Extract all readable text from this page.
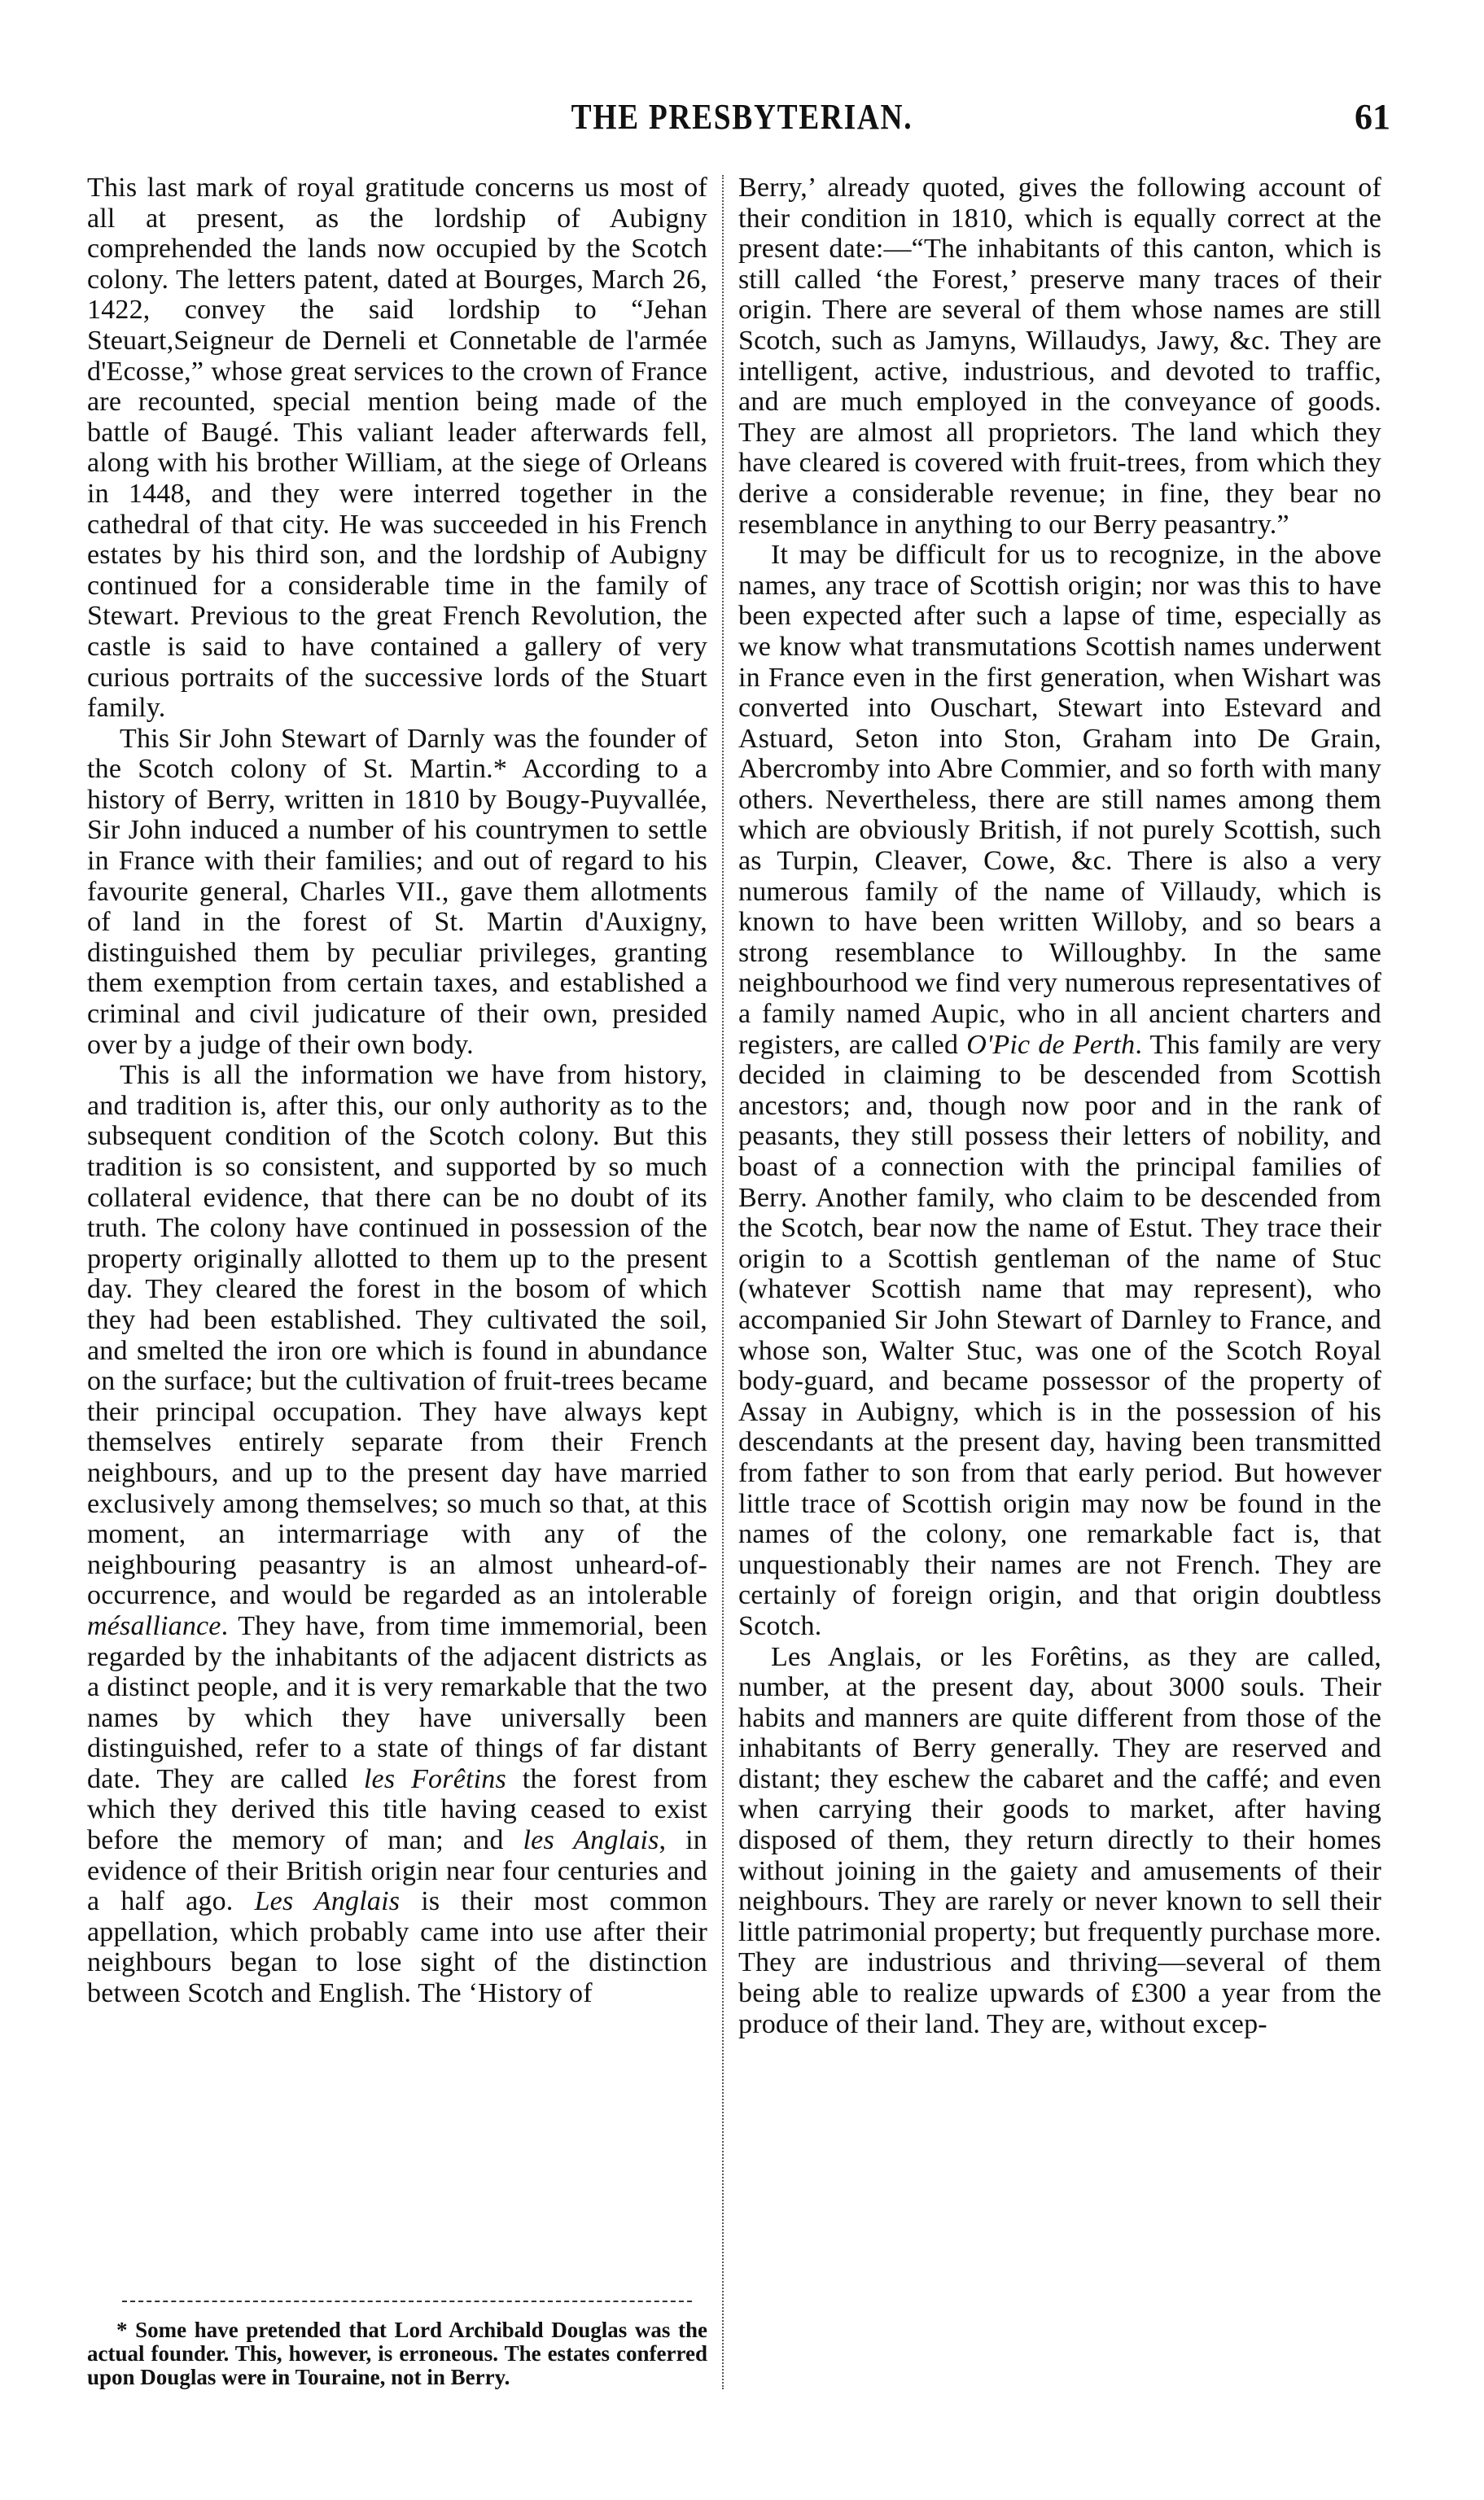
THE PRESBYTERIAN.	61

This last mark of royal gratitude concerns us most of all at present, as the lordship of Aubigny comprehended the lands now occupied by the Scotch colony. The letters patent, dated at Bourges, March 26, 1422, convey the said lordship to “Jehan Steuart,Seigneur de Derneli et Connetable de l'armée d'Ecosse,” whose great services to the crown of France are recounted, special mention being made of the battle of Baugé. This valiant leader afterwards fell, along with his brother William, at the siege of Orleans in 1448, and they were interred together in the cathedral of that city. He was succeeded in his French estates by his third son, and the lordship of Aubigny continued for a considerable time in the family of Stewart. Previous to the great French Revolution, the castle is said to have contained a gallery of very curious portraits of the successive lords of the Stuart family.

This Sir John Stewart of Darnly was the founder of the Scotch colony of St. Martin.* According to a history of Berry, written in 1810 by Bougy-Puyvallée, Sir John induced a number of his countrymen to settle in France with their families; and out of regard to his favourite general, Charles VII., gave them allotments of land in the forest of St. Martin d'Auxigny, distinguished them by peculiar privileges, granting them exemption from certain taxes, and established a criminal and civil judicature of their own, presided over by a judge of their own body.

This is all the information we have from history, and tradition is, after this, our only authority as to the subsequent condition of the Scotch colony. But this tradition is so consistent, and supported by so much collateral evidence, that there can be no doubt of its truth. The colony have continued in possession of the property originally allotted to them up to the present day. They cleared the forest in the bosom of which they had been established. They cultivated the soil, and smelted the iron ore which is found in abundance on the surface; but the cultivation of fruit-trees became their principal occupation. They have always kept themselves entirely separate from their French neighbours, and up to the present day have married exclusively among themselves; so much so that, at this moment, an intermarriage with any of the neighbouring peasantry is an almost unheard-of-occurrence, and would be regarded as an intolerable mésalliance. They have, from time immemorial, been regarded by the inhabitants of the adjacent districts as a distinct people, and it is very remarkable that the two names by which they have universally been distinguished, refer to a state of things of far distant date. They are called les Forêtins the forest from which they derived this title having ceased to exist before the memory of man; and les Anglais, in evidence of their British origin near four centuries and a half ago. Les Anglais is their most common appellation, which probably came into use after their neighbours began to lose sight of the distinction between Scotch and English. The ‘History of

Berry,’ already quoted, gives the following account of their condition in 1810, which is equally correct at the present date:—“The inhabitants of this canton, which is still called ‘the Forest,’ preserve many traces of their origin. There are several of them whose names are still Scotch, such as Jamyns, Willaudys, Jawy, &c. They are intelligent, active, industrious, and devoted to traffic, and are much employed in the conveyance of goods. They are almost all proprietors. The land which they have cleared is covered with fruit-trees, from which they derive a considerable revenue; in fine, they bear no resemblance in anything to our Berry peasantry.”

It may be difficult for us to recognize, in the above names, any trace of Scottish origin; nor was this to have been expected after such a lapse of time, especially as we know what transmutations Scottish names underwent in France even in the first generation, when Wishart was converted into Ouschart, Stewart into Estevard and Astuard, Seton into Ston, Graham into De Grain, Abercromby into Abre Commier, and so forth with many others. Nevertheless, there are still names among them which are obviously British, if not purely Scottish, such as Turpin, Cleaver, Cowe, &c. There is also a very numerous family of the name of Villaudy, which is known to have been written Willoby, and so bears a strong resemblance to Willoughby. In the same neighbourhood we find very numerous representatives of a family named Aupic, who in all ancient charters and registers, are called O'Pic de Perth. This family are very decided in claiming to be descended from Scottish ancestors; and, though now poor and in the rank of peasants, they still possess their letters of nobility, and boast of a connection with the principal families of Berry. Another family, who claim to be descended from the Scotch, bear now the name of Estut. They trace their origin to a Scottish gentleman of the name of Stuc (whatever Scottish name that may represent), who accompanied Sir John Stewart of Darnley to France, and whose son, Walter Stuc, was one of the Scotch Royal body-guard, and became possessor of the property of Assay in Aubigny, which is in the possession of his descendants at the present day, having been transmitted from father to son from that early period. But however little trace of Scottish origin may now be found in the names of the colony, one remarkable fact is, that unquestionably their names are not French. They are certainly of foreign origin, and that origin doubtless Scotch.

Les Anglais, or les Forêtins, as they are called, number, at the present day, about 3000 souls. Their habits and manners are quite different from those of the inhabitants of Berry generally. They are reserved and distant; they eschew the cabaret and the caffé; and even when carrying their goods to market, after having disposed of them, they return directly to their homes without joining in the gaiety and amusements of their neighbours. They are rarely or never known to sell their little patrimonial property; but frequently purchase more. They are industrious and thriving—several of them being able to realize upwards of £300 a year from the produce of their land. They are, without excep-

* Some have pretended that Lord Archibald Douglas was the actual founder. This, however, is erroneous. The estates conferred upon Douglas were in Touraine, not in Berry.
